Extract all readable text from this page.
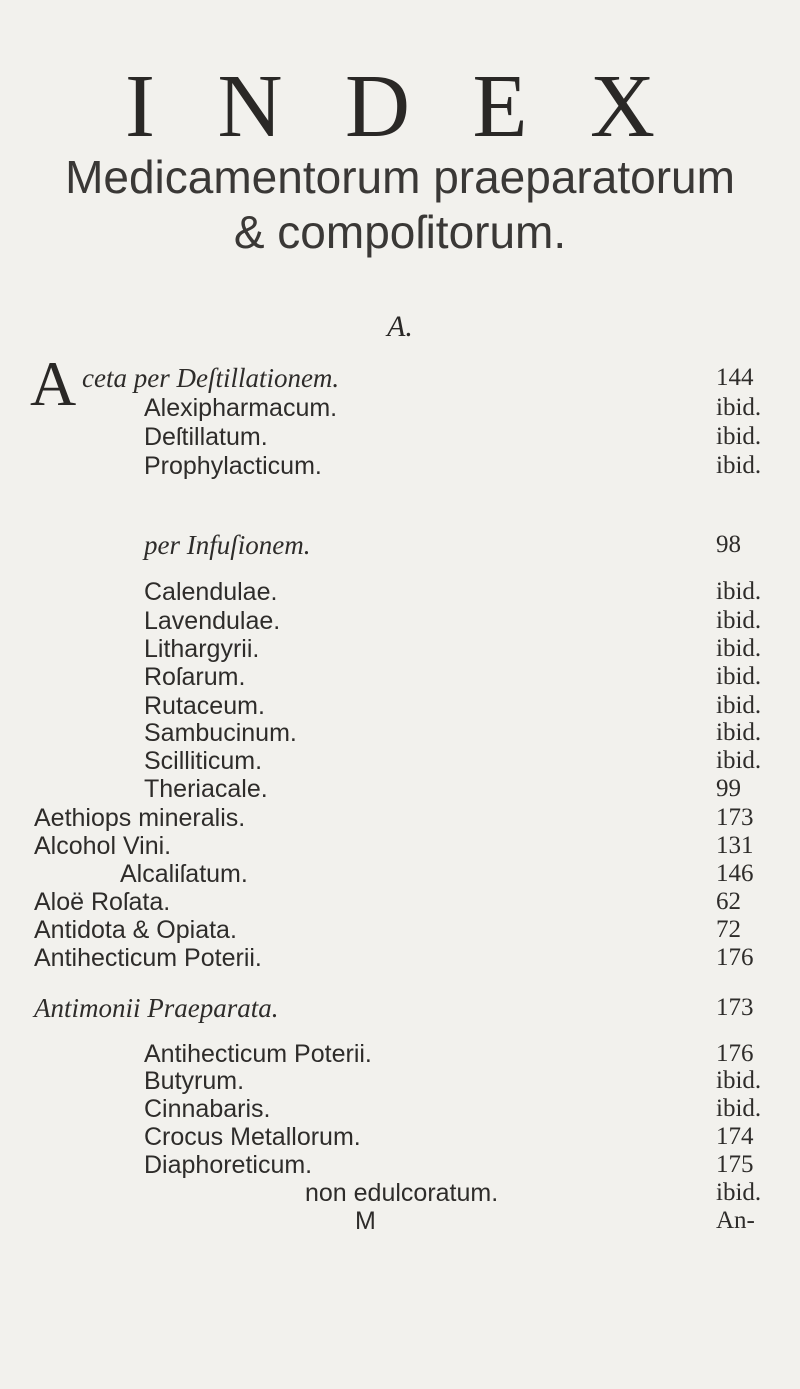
I N D E X
Medicamentorum praeparatorum
& compoſitorum.
A.
A ceta per Deſtillationem.	144
Alexipharmacum.	ibid.
Deſtillatum.	ibid.
Prophylacticum.	ibid.
per Infuſionem.	98
Calendulae.	ibid.
Lavendulae.	ibid.
Lithargyrii.	ibid.
Roſarum.	ibid.
Rutaceum.	ibid.
Sambucinum.	ibid.
Scilliticum.	ibid.
Theriacale.	99
Aethiops mineralis.	173
Alcohol Vini.	131
Alcaliſatum.	146
Aloë Roſata.	62
Antidota & Opiata.	72
Antihecticum Poterii.	176
Antimonii Praeparata.	173
Antihecticum Poterii.	176
Butyrum.	ibid.
Cinnabaris.	ibid.
Crocus Metallorum.	174
Diaphoreticum.	175
non edulcoratum.	ibid.
M	An-
